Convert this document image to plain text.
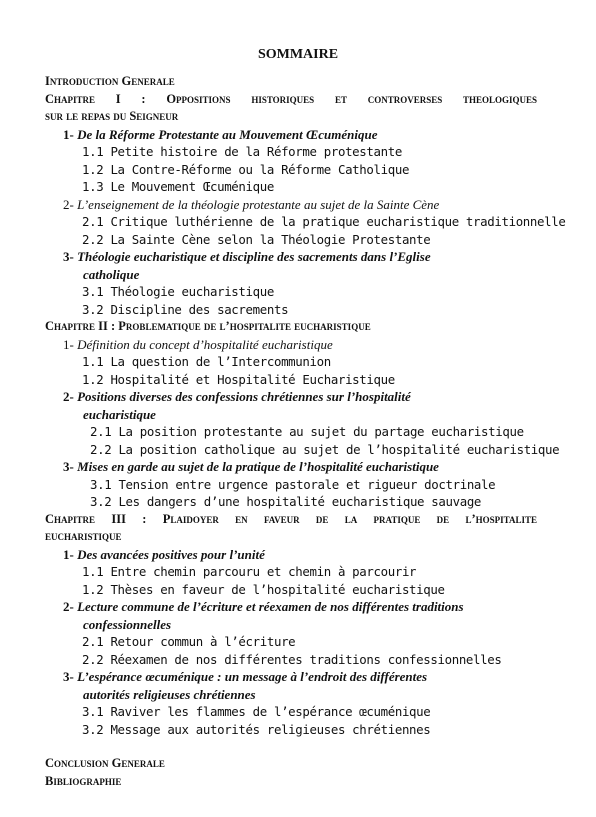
SOMMAIRE
Introduction Generale
Chapitre I : Oppositions historiques et controverses theologiques
sur le repas du Seigneur
1- De la Réforme Protestante au Mouvement Œcuménique
1.1 Petite histoire de la Réforme protestante
1.2 La Contre-Réforme ou la Réforme Catholique
1.3 Le Mouvement Œcuménique
2- L’enseignement de la théologie protestante au sujet de la Sainte Cène
2.1 Critique luthérienne de la pratique eucharistique traditionnelle
2.2 La Sainte Cène selon la Théologie Protestante
3- Théologie eucharistique et discipline des sacrements dans l’Eglise
catholique
3.1 Théologie eucharistique
3.2 Discipline des sacrements
Chapitre II : Problematique de l’hospitalite eucharistique
1- Définition du concept d’hospitalité eucharistique
1.1 La question de l’Intercommunion
1.2 Hospitalité et Hospitalité Eucharistique
2- Positions diverses des confessions chrétiennes sur l’hospitalité
eucharistique
2.1 La position protestante au sujet du partage eucharistique
2.2 La position catholique au sujet de l’hospitalité eucharistique
3- Mises en garde au sujet de la pratique de l’hospitalité eucharistique
3.1 Tension entre urgence pastorale et rigueur doctrinale
3.2 Les dangers d’une hospitalité eucharistique sauvage
Chapitre III : Plaidoyer en faveur de la pratique de l’hospitalite
eucharistique
1- Des avancées positives pour l’unité
1.1 Entre chemin parcouru et chemin à parcourir
1.2 Thèses en faveur de l’hospitalité eucharistique
2- Lecture commune de l’écriture et réexamen de nos différentes traditions
confessionnelles
2.1 Retour commun à l’écriture
2.2 Réexamen de nos différentes traditions confessionnelles
3- L’espérance œcuménique : un message à l’endroit des différentes
autorités religieuses chrétiennes
3.1 Raviver les flammes de l’espérance œcuménique
3.2 Message aux autorités religieuses chrétiennes
Conclusion Generale
Bibliographie
